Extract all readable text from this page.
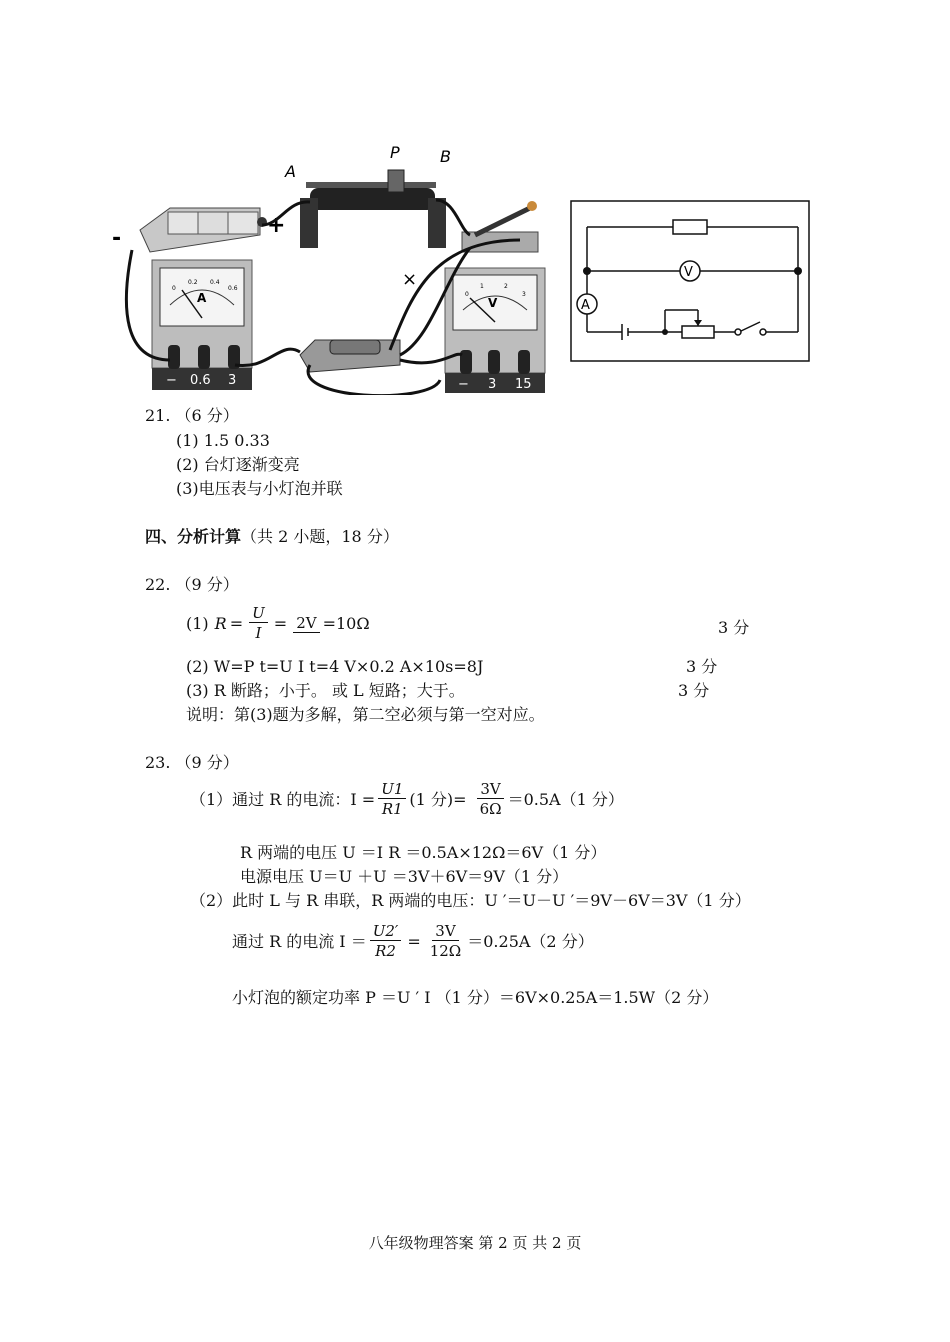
-
+
A
P	B
A
0
0.2 0.4
0.6
− 0.6 3
V
0
1	2
3
− 3 15
×	V
A
21. （6 分）
(1) 1.5 0.33
(2) 台灯逐渐变亮
(3)电压表与小灯泡并联
四、分析计算（共 2 小题，18 分）
22. （9 分）
(1) $R = \frac{U}{I} = 2V =10\Omega$	3 分
(2) W=P t=U I t=4 V×0.2 A×10s=8J	3 分
(3) R 断路；小于。 或 L 短路；大于。	3 分
说明：第(3)题为多解，第二空必须与第一空对应。
23. （9 分）
（1）通过 R 的电流：$I = \frac{U1}{R1} (1$ 分)= $\frac{3V}{6\Omega} =0.5A(1$ 分）
R 两端的电压 U ＝I R ＝0.5A×12Ω＝6V（1 分）
电源电压 U＝U ＋U ＝3V＋6V＝9V（1 分）
（2）此时 L 与 R 串联，R 两端的电压：U ′＝U－U ′＝9V－6V＝3V（1 分）
通过 R 的电流 $I = \frac{U2'}{R2} = \frac{3V}{12\Omega} =0.25A(2$ 分）
小灯泡的额定功率 P ＝U ′ I （1 分）＝6V×0.25A＝1.5W（2 分）
八年级物理答案 第 2 页 共 2 页
